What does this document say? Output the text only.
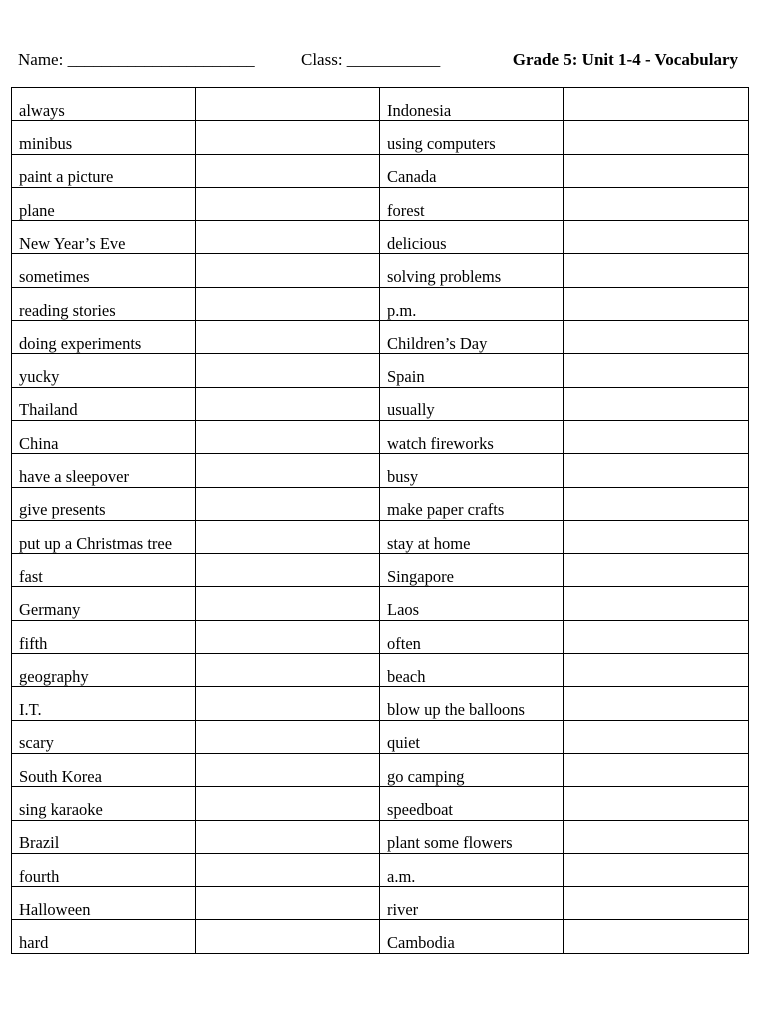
Name: ______________________	Class: ___________	Grade 5: Unit 1-4 - Vocabulary
always		Indonesia	
minibus		using computers	
paint a picture		Canada	
plane		forest	
New Year’s Eve		delicious	
sometimes		solving problems	
reading stories		p.m.	
doing experiments		Children’s Day	
yucky		Spain	
Thailand		usually	
China		watch fireworks	
have a sleepover		busy	
give presents		make paper crafts	
put up a Christmas tree		stay at home	
fast		Singapore	
Germany		Laos	
fifth		often	
geography		beach	
I.T.		blow up the balloons	
scary		quiet	
South Korea		go camping	
sing karaoke		speedboat	
Brazil		plant some flowers	
fourth		a.m.	
Halloween		river	
hard		Cambodia	
